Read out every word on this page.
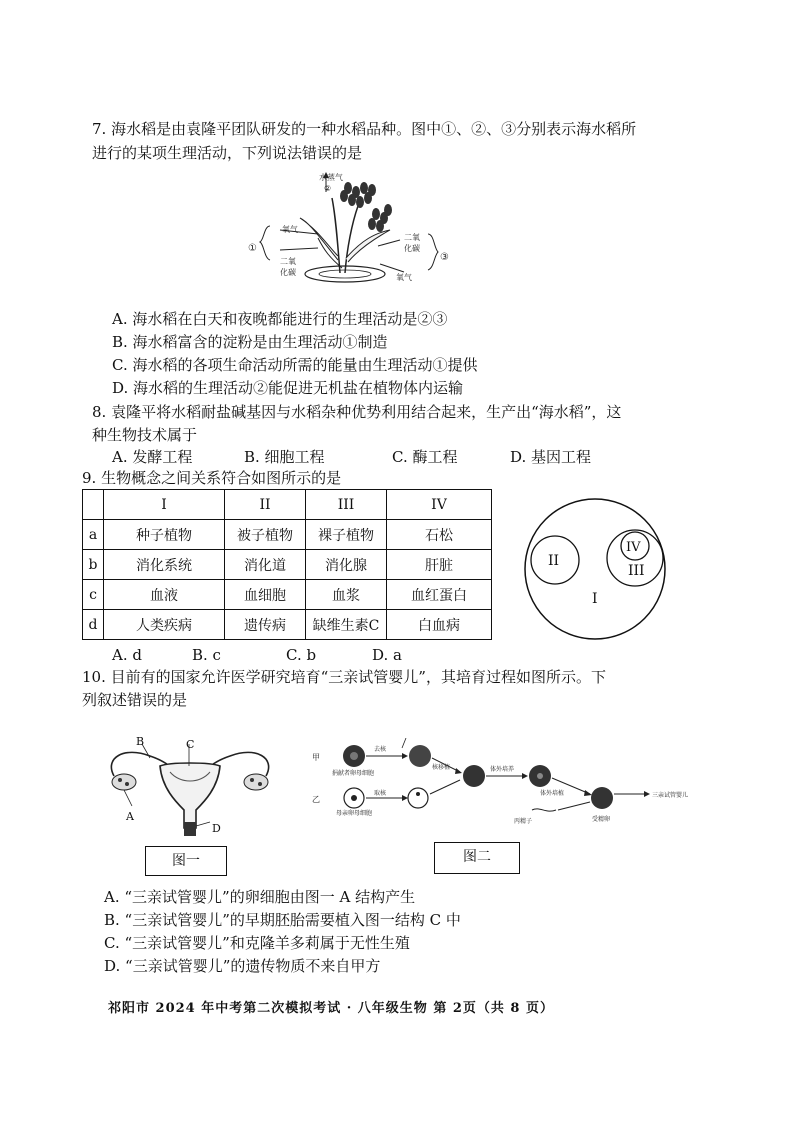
7. 海水稻是由袁隆平团队研发的一种水稻品种。图中①、②、③分别表示海水稻所
进行的某项生理活动，下列说法错误的是
水蒸气
②
氧气
二氧化碳
二氧化碳
氧气
①
③
A. 海水稻在白天和夜晚都能进行的生理活动是②③
B. 海水稻富含的淀粉是由生理活动①制造
C. 海水稻的各项生命活动所需的能量由生理活动①提供
D. 海水稻的生理活动②能促进无机盐在植物体内运输
8. 袁隆平将水稻耐盐碱基因与水稻杂种优势利用结合起来，生产出“海水稻”，这
种生物技术属于
A. 发酵工程	B. 细胞工程	C. 酶工程	D. 基因工程
9. 生物概念之间关系符合如图所示的是
	I	II	III	IV
a	种子植物	被子植物	裸子植物	石松
b	消化系统	消化道	消化腺	肝脏
c	血液	血细胞	血浆	血红蛋白
d	人类疾病	遗传病	缺维生素C	白血病
A. d	B. c	C. b	D. a
I
II
IV
III
10. 目前有的国家允许医学研究培育“三亲试管婴儿”，其培育过程如图所示。下
列叙述错误的是
B	C
A
D
图一
甲
乙
捐献者卵母细胞
去核
取核
母亲卵母细胞
核移植	体外培养
丙精子
体外培植
受精卵
三亲试管婴儿
图二
A. “三亲试管婴儿”的卵细胞由图一 A 结构产生
B. “三亲试管婴儿”的早期胚胎需要植入图一结构 C 中
C. “三亲试管婴儿”和克隆羊多莉属于无性生殖
D. “三亲试管婴儿”的遗传物质不来自甲方
祁阳市 2024 年中考第二次模拟考试 · 八年级生物 第 2页（共 8 页）
